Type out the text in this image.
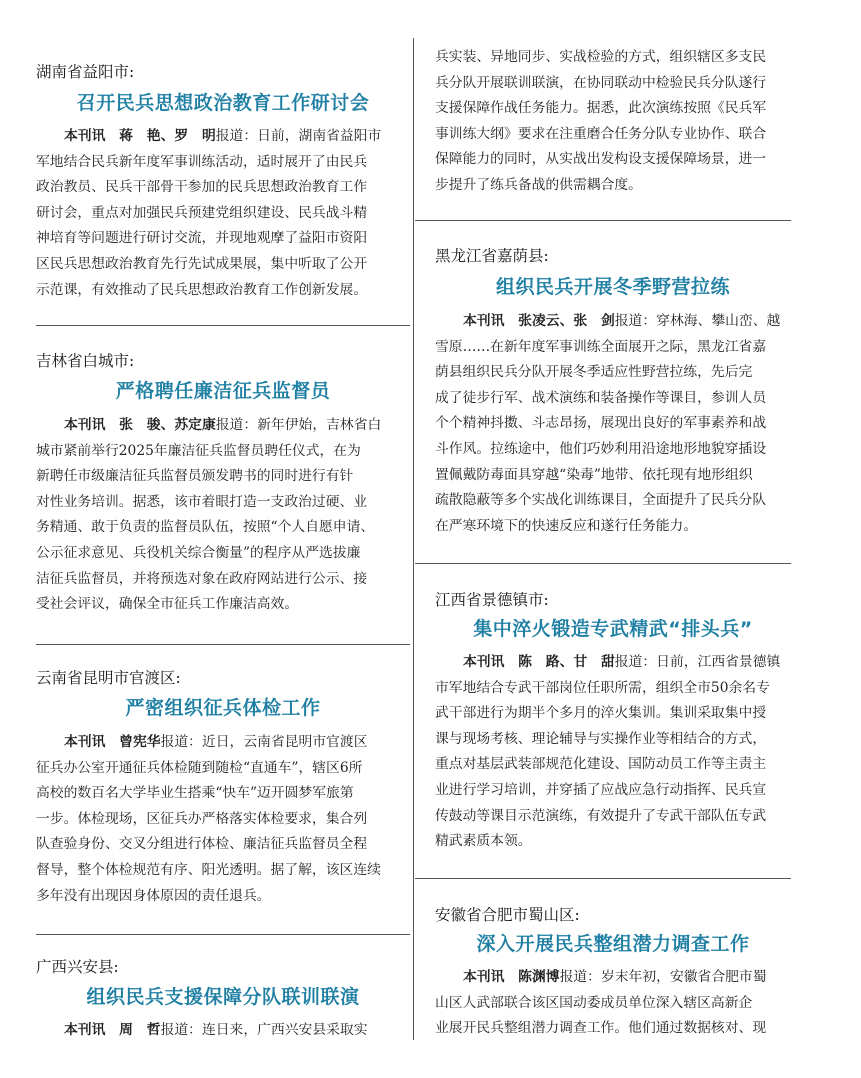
湖南省益阳市:
召开民兵思想政治教育工作研讨会
本刊讯　蒋　艳、罗　明报道：日前，湖南省益阳市
军地结合民兵新年度军事训练活动，适时展开了由民兵
政治教员、民兵干部骨干参加的民兵思想政治教育工作
研讨会，重点对加强民兵预建党组织建设、民兵战斗精
神培育等问题进行研讨交流，并现地观摩了益阳市资阳
区民兵思想政治教育先行先试成果展，集中听取了公开
示范课，有效推动了民兵思想政治教育工作创新发展。
吉林省白城市:
严格聘任廉洁征兵监督员
本刊讯　张　骏、苏定康报道：新年伊始，吉林省白
城市紧前举行2025年廉洁征兵监督员聘任仪式，在为
新聘任市级廉洁征兵监督员颁发聘书的同时进行有针
对性业务培训。据悉，该市着眼打造一支政治过硬、业
务精通、敢于负责的监督员队伍，按照“个人自愿申请、
公示征求意见、兵役机关综合衡量”的程序从严选拔廉
洁征兵监督员，并将预选对象在政府网站进行公示、接
受社会评议，确保全市征兵工作廉洁高效。
云南省昆明市官渡区:
严密组织征兵体检工作
本刊讯　曾宪华报道：近日，云南省昆明市官渡区
征兵办公室开通征兵体检随到随检“直通车”，辖区6所
高校的数百名大学毕业生搭乘“快车”迈开圆梦军旅第
一步。体检现场，区征兵办严格落实体检要求，集合列
队查验身份、交叉分组进行体检、廉洁征兵监督员全程
督导，整个体检规范有序、阳光透明。据了解，该区连续
多年没有出现因身体原因的责任退兵。
广西兴安县:
组织民兵支援保障分队联训联演
本刊讯　周　哲报道：连日来，广西兴安县采取实
兵实装、异地同步、实战检验的方式，组织辖区多支民
兵分队开展联训联演，在协同联动中检验民兵分队遂行
支援保障作战任务能力。据悉，此次演练按照《民兵军
事训练大纲》要求在注重磨合任务分队专业协作、联合
保障能力的同时，从实战出发构设支援保障场景，进一
步提升了练兵备战的供需耦合度。
黑龙江省嘉荫县:
组织民兵开展冬季野营拉练
本刊讯　张凌云、张　剑报道：穿林海、攀山峦、越
雪原……在新年度军事训练全面展开之际，黑龙江省嘉
荫县组织民兵分队开展冬季适应性野营拉练，先后完
成了徒步行军、战术演练和装备操作等课目，参训人员
个个精神抖擞、斗志昂扬，展现出良好的军事素养和战
斗作风。拉练途中，他们巧妙利用沿途地形地貌穿插设
置佩戴防毒面具穿越“染毒”地带、依托现有地形组织
疏散隐蔽等多个实战化训练课目，全面提升了民兵分队
在严寒环境下的快速反应和遂行任务能力。
江西省景德镇市:
集中淬火锻造专武精武“排头兵”
本刊讯　陈　路、甘　甜报道：日前，江西省景德镇
市军地结合专武干部岗位任职所需，组织全市50余名专
武干部进行为期半个多月的淬火集训。集训采取集中授
课与现场考核、理论辅导与实操作业等相结合的方式，
重点对基层武装部规范化建设、国防动员工作等主责主
业进行学习培训，并穿插了应战应急行动指挥、民兵宣
传鼓动等课目示范演练，有效提升了专武干部队伍专武
精武素质本领。
安徽省合肥市蜀山区:
深入开展民兵整组潜力调查工作
本刊讯　陈渊博报道：岁末年初，安徽省合肥市蜀
山区人武部联合该区国动委成员单位深入辖区高新企
业展开民兵整组潜力调查工作。他们通过数据核对、现
